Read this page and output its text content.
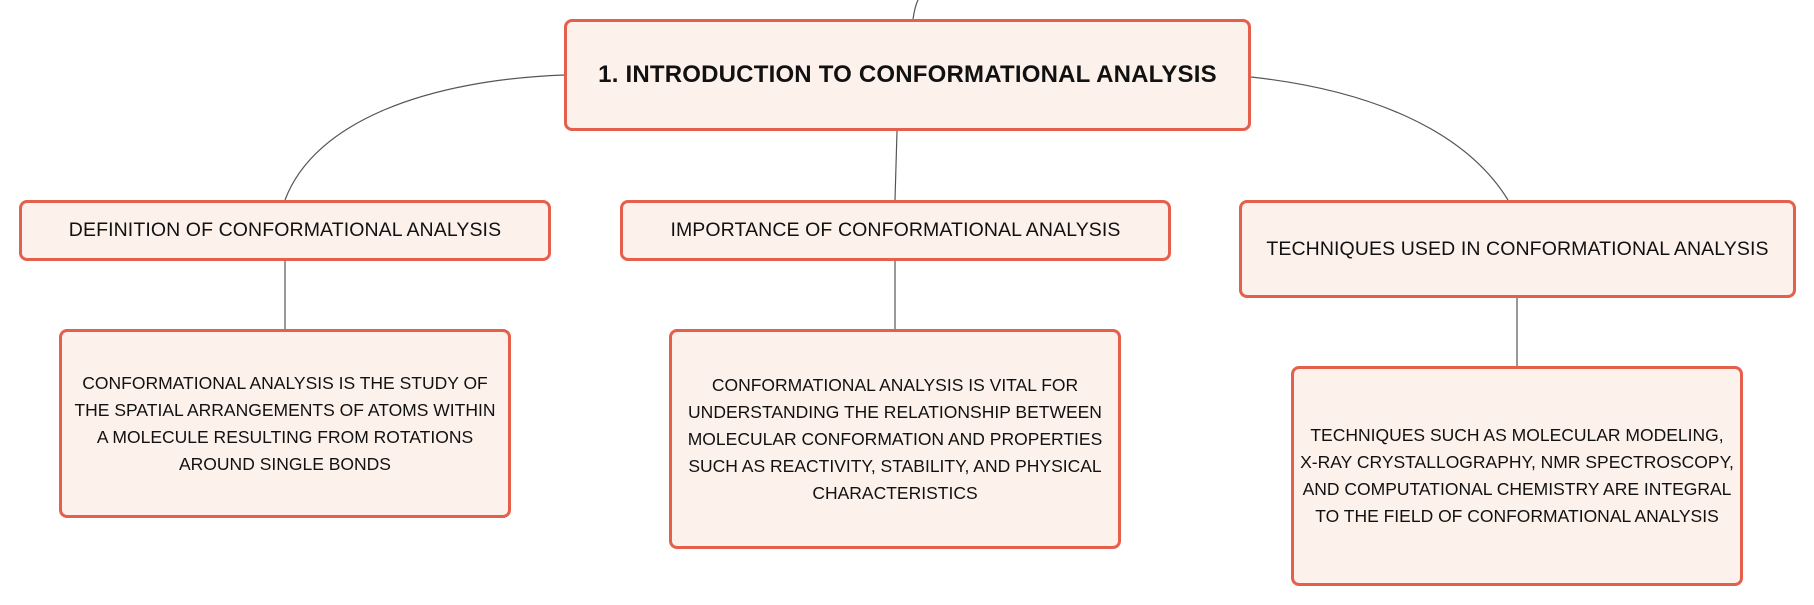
1. INTRODUCTION TO CONFORMATIONAL ANALYSIS
DEFINITION OF CONFORMATIONAL ANALYSIS	IMPORTANCE OF CONFORMATIONAL ANALYSIS
TECHNIQUES USED IN CONFORMATIONAL ANALYSIS
CONFORMATIONAL ANALYSIS IS THE STUDY OF THE SPATIAL ARRANGEMENTS OF ATOMS WITHIN A MOLECULE RESULTING FROM ROTATIONS AROUND SINGLE BONDS
CONFORMATIONAL ANALYSIS IS VITAL FOR UNDERSTANDING THE RELATIONSHIP BETWEEN MOLECULAR CONFORMATION AND PROPERTIES SUCH AS REACTIVITY, STABILITY, AND PHYSICAL CHARACTERISTICS
TECHNIQUES SUCH AS MOLECULAR MODELING, X-RAY CRYSTALLOGRAPHY, NMR SPECTROSCOPY, AND COMPUTATIONAL CHEMISTRY ARE INTEGRAL TO THE FIELD OF CONFORMATIONAL ANALYSIS
